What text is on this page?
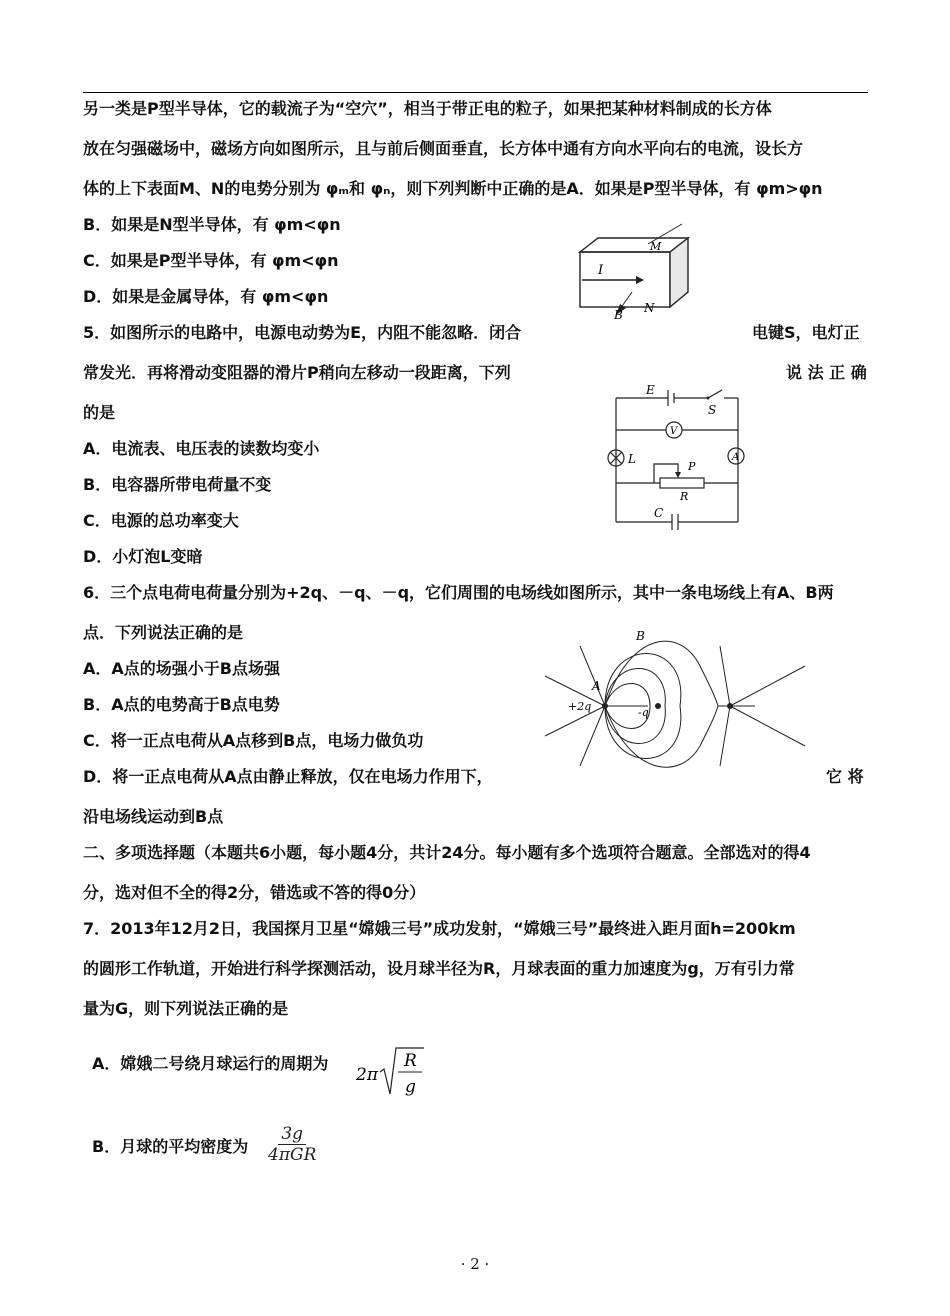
另一类是P型半导体，它的载流子为“空穴”，相当于带正电的粒子，如果把某种材料制成的长方体
放在匀强磁场中，磁场方向如图所示，且与前后侧面垂直，长方体中通有方向水平向右的电流，设长方
体的上下表面M、N的电势分别为 φₘ和 φₙ，则下列判断中正确的是A．如果是P型半导体，有 φm>φn
B．如果是N型半导体，有 φm<φn
C．如果是P型半导体，有 φm<φn
D．如果是金属导体，有 φm<φn
5．如图所示的电路中，电源电动势为E，内阻不能忽略．闭合
常发光．再将滑动变阻器的滑片P稍向左移动一段距离，下列
的是
A．电流表、电压表的读数均变小
B．电容器所带电荷量不变
C．电源的总功率变大
D．小灯泡L变暗
6．三个点电荷电荷量分别为+2q、－q、－q，它们周围的电场线如图所示，其中一条电场线上有A、B两
点．下列说法正确的是
A．A点的场强小于B点场强
B．A点的电势高于B点电势
C．将一正点电荷从A点移到B点，电场力做负功
D．将一正点电荷从A点由静止释放，仅在电场力作用下，
沿电场线运动到B点
二、多项选择题（本题共6小题，每小题4分，共计24分。每小题有多个选项符合题意。全部选对的得4
分，选对但不全的得2分，错选或不答的得0分）
7．2013年12月2日，我国探月卫星“嫦娥三号”成功发射，“嫦娥三号”最终进入距月面h=200km
的圆形工作轨道，开始进行科学探测活动，设月球半径为R，月球表面的重力加速度为g，万有引力常
量为G，则下列说法正确的是
A．嫦娥二号绕月球运行的周期为
B．月球的平均密度为
电键S，电灯正
说 法 正 确
它 将
2π
R
g
$\frac{3g}{\text{4πGR}}$
I
M
B N
E
S
V
L
P
R
A
C
A
B
+2q	-q
· 2 ·
